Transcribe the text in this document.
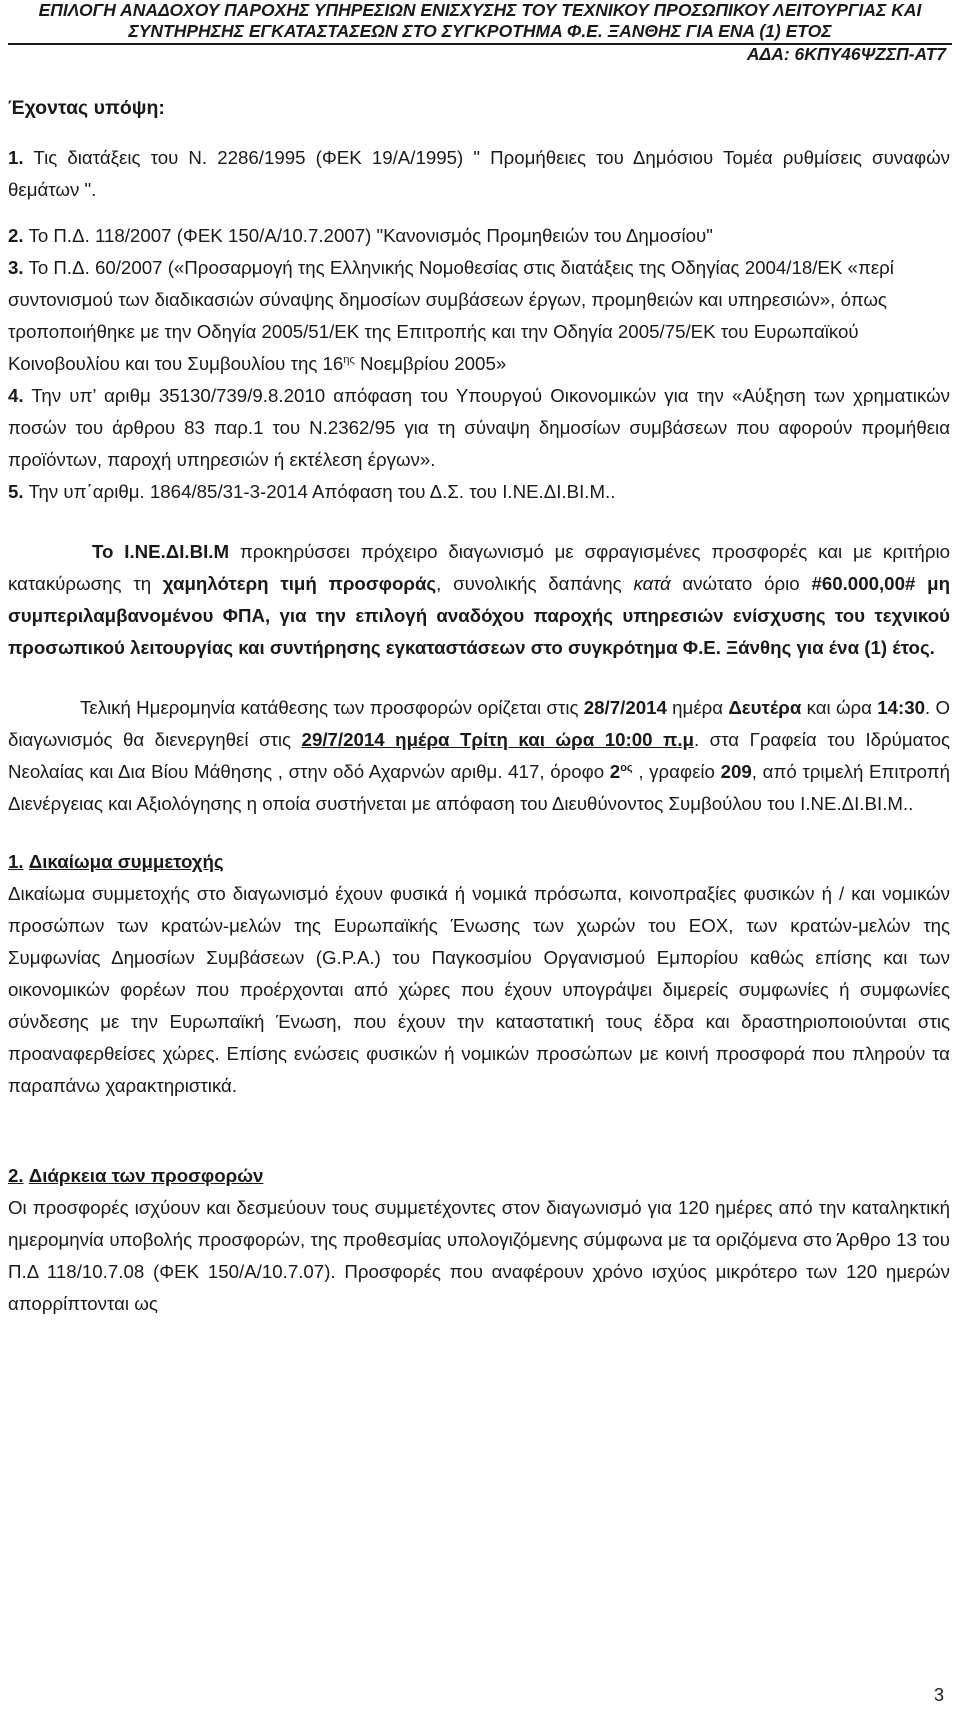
ΕΠΙΛΟΓΗ ΑΝΑΔΟΧΟΥ ΠΑΡΟΧΗΣ ΥΠΗΡΕΣΙΩΝ ΕΝΙΣΧΥΣΗΣ ΤΟΥ ΤΕΧΝΙΚΟΥ ΠΡΟΣΩΠΙΚΟΥ ΛΕΙΤΟΥΡΓΙΑΣ ΚΑΙ
ΣΥΝΤΗΡΗΣΗΣ ΕΓΚΑΤΑΣΤΑΣΕΩΝ ΣΤΟ ΣΥΓΚΡΟΤΗΜΑ Φ.Ε. ΞΑΝΘΗΣ ΓΙΑ ΕΝΑ (1) ΕΤΟΣ
ΑΔΑ: 6ΚΠΥ46ΨΖΣΠ-ΑΤ7

Έχοντας υπόψη:

1. Τις διατάξεις του Ν. 2286/1995 (ΦΕΚ 19/Α/1995) " Προμήθειες του Δημόσιου Τομέα ρυθμίσεις συναφών θεμάτων ".

2. Το Π.Δ. 118/2007 (ΦΕΚ 150/Α/10.7.2007) "Κανονισμός Προμηθειών του Δημοσίου"

3. Το Π.Δ. 60/2007 («Προσαρμογή της Ελληνικής Νομοθεσίας στις διατάξεις της Οδηγίας 2004/18/ΕΚ «περί συντονισμού των διαδικασιών σύναψης δημοσίων συμβάσεων έργων, προμηθειών και υπηρεσιών», όπως τροποποιήθηκε με την Οδηγία 2005/51/ΕΚ της Επιτροπής και την Οδηγία 2005/75/ΕΚ του Ευρωπαϊκού Κοινοβουλίου και του Συμβουλίου της $16^{\eta\varsigma}$ Νοεμβρίου 2005»

4. Την υπ’ αριθμ 35130/739/9.8.2010 απόφαση του Υπουργού Οικονομικών για την «Αύξηση των χρηματικών ποσών του άρθρου 83 παρ.1 του Ν.2362/95 για τη σύναψη δημοσίων συμβάσεων που αφορούν προμήθεια προϊόντων, παροχή υπηρεσιών ή εκτέλεση έργων».

5. Την υπ΄αριθμ. 1864/85/31-3-2014 Απόφαση του Δ.Σ. του Ι.ΝΕ.ΔΙ.ΒΙ.Μ..

Το Ι.ΝΕ.ΔΙ.ΒΙ.Μ προκηρύσσει πρόχειρο διαγωνισμό με σφραγισμένες προσφορές και με κριτήριο κατακύρωσης τη χαμηλότερη τιμή προσφοράς, συνολικής δαπάνης κατά ανώτατο όριο #60.000,00# μη συμπεριλαμβανομένου ΦΠΑ, για την επιλογή αναδόχου παροχής υπηρεσιών ενίσχυσης του τεχνικού προσωπικού λειτουργίας και συντήρησης εγκαταστάσεων στο συγκρότημα Φ.Ε. Ξάνθης για ένα (1) έτος.

Τελική Ημερομηνία κατάθεσης των προσφορών ορίζεται στις 28/7/2014 ημέρα Δευτέρα και ώρα 14:30. Ο διαγωνισμός θα διενεργηθεί στις 29/7/2014 ημέρα Τρίτη και ώρα 10:00 π.μ. στα Γραφεία του Ιδρύματος Νεολαίας και Δια Βίου Μάθησης , στην οδό Αχαρνών αριθμ. 417, όροφο $2^{o\varsigma}$ , γραφείο 209, από τριμελή Επιτροπή Διενέργειας και Αξιολόγησης η οποία συστήνεται με απόφαση του Διευθύνοντος Συμβούλου του Ι.ΝΕ.ΔΙ.ΒΙ.Μ..

1. Δικαίωμα συμμετοχής

Δικαίωμα συμμετοχής στο διαγωνισμό έχουν φυσικά ή νομικά πρόσωπα, κοινοπραξίες φυσικών ή / και νομικών προσώπων των κρατών-μελών της Ευρωπαϊκής Ένωσης των χωρών του ΕΟΧ, των κρατών-μελών της Συμφωνίας Δημοσίων Συμβάσεων (G.P.A.) του Παγκοσμίου Οργανισμού Εμπορίου καθώς επίσης και των οικονομικών φορέων που προέρχονται από χώρες που έχουν υπογράψει διμερείς συμφωνίες ή συμφωνίες σύνδεσης με την Ευρωπαϊκή Ένωση, που έχουν την καταστατική τους έδρα και δραστηριοποιούνται στις προαναφερθείσες χώρες. Επίσης ενώσεις φυσικών ή νομικών προσώπων με κοινή προσφορά που πληρούν τα παραπάνω χαρακτηριστικά.

2. Διάρκεια των προσφορών

Οι προσφορές ισχύουν και δεσμεύουν τους συμμετέχοντες στον διαγωνισμό για 120 ημέρες από την καταληκτική ημερομηνία υποβολής προσφορών, της προθεσμίας υπολογιζόμενης σύμφωνα με τα οριζόμενα στο Άρθρο 13 του Π.Δ 118/10.7.08 (ΦΕΚ 150/Α/10.7.07). Προσφορές που αναφέρουν χρόνο ισχύος μικρότερο των 120 ημερών απορρίπτονται ως

3
